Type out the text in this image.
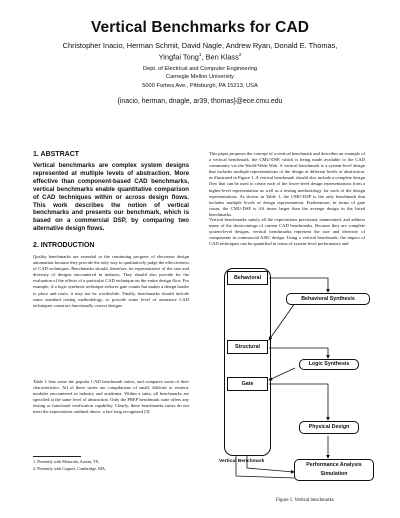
Vertical Benchmarks for CAD
Christopher Inacio, Herman Schmit, David Nagle, Andrew Ryan, Donald E. Thomas,
Yingfai Tong$^1$, Ben Klass$^2$
Dept. of Electrical and Computer Engineering
Carnegie Mellon University
5000 Forbes Ave., Pittsburgh, PA 15213, USA
{inacio, herman, dnagle, ar39, thomas}@ece.cmu.edu
1. ABSTRACT
Vertical benchmarks are complex system designs represented at multiple levels of abstraction. More effective than component-based CAD benchmarks, vertical benchmarks enable quantitative comparison of CAD techniques within or across design flows. This work describes the notion of vertical benchmarks and presents our benchmark, which is based on a commercial DSP, by comparing two alternative design flows.
2. INTRODUCTION
Quality benchmarks are essential to the continuing progress of electronic design automation because they provide the only way to qualitatively judge the effectiveness of CAD techniques. Benchmarks should, therefore, be representative of the size and diversity of designs encountered in industry. They should also provide for the evaluation of the effects of a particular CAD technique on the entire design flow. For example, if a logic synthesis technique reduces gate counts but makes a design harder to place and route, it may not be worthwhile. Finally, benchmarks should include some standard testing methodology, to provide some level of assurance CAD techniques construct functionally correct designs.
Table 1 lists some the popular CAD benchmark suites, and compares some of their characteristics. All of these suites are compilations of small, difficult or esoteric modules encountered in industry and academia. Within a suite, all benchmarks are specified at the same level of abstraction. Only the PREP benchmark suite offers any testing or functional verification capability. Clearly, these benchmarks suites do not meet the expectations outlined above, a fact long recognized [3].
1. Presently with Motorola, Austin, TX.
2. Presently with Cognex, Cambridge, MA.
This paper proposes the concept of a vertical benchmark and describes an example of a vertical benchmark, the CMU-DSP, which is being made available to the CAD community via the World-Wide Web. A vertical benchmark is a system-level design that includes multiple representations of the design at different levels of abstraction, as illustrated in Figure 1. A vertical benchmark should also include a complete design flow that can be used to create each of the lower-level design representations from a higher-level representation as well as a testing methodology for each of the design representations. As shown in Table 1, the CMU-DSP is the only benchmark that includes multiple levels of design representation. Furthermore, in terms of gate count, the CMU-DSP is 4.6 times larger than the average design in the listed benchmarks.
Vertical benchmarks satisfy all the expectations previously enumerated, and address many of the shortcomings of current CAD benchmarks. Because they are complete system-level designs, vertical benchmarks represent the size and diversity of components in commercial ASIC design. Using a vertical benchmark, the impact of CAD techniques can be quantified in terms of system-level performance and
Behavioral
Structural
Gate
Vertical Benchmark
Behavioral Synthesis
Logic Synthesis
Physical Design
Performance Analysis
Simulation
Figure 1. Vertical benchmarks
